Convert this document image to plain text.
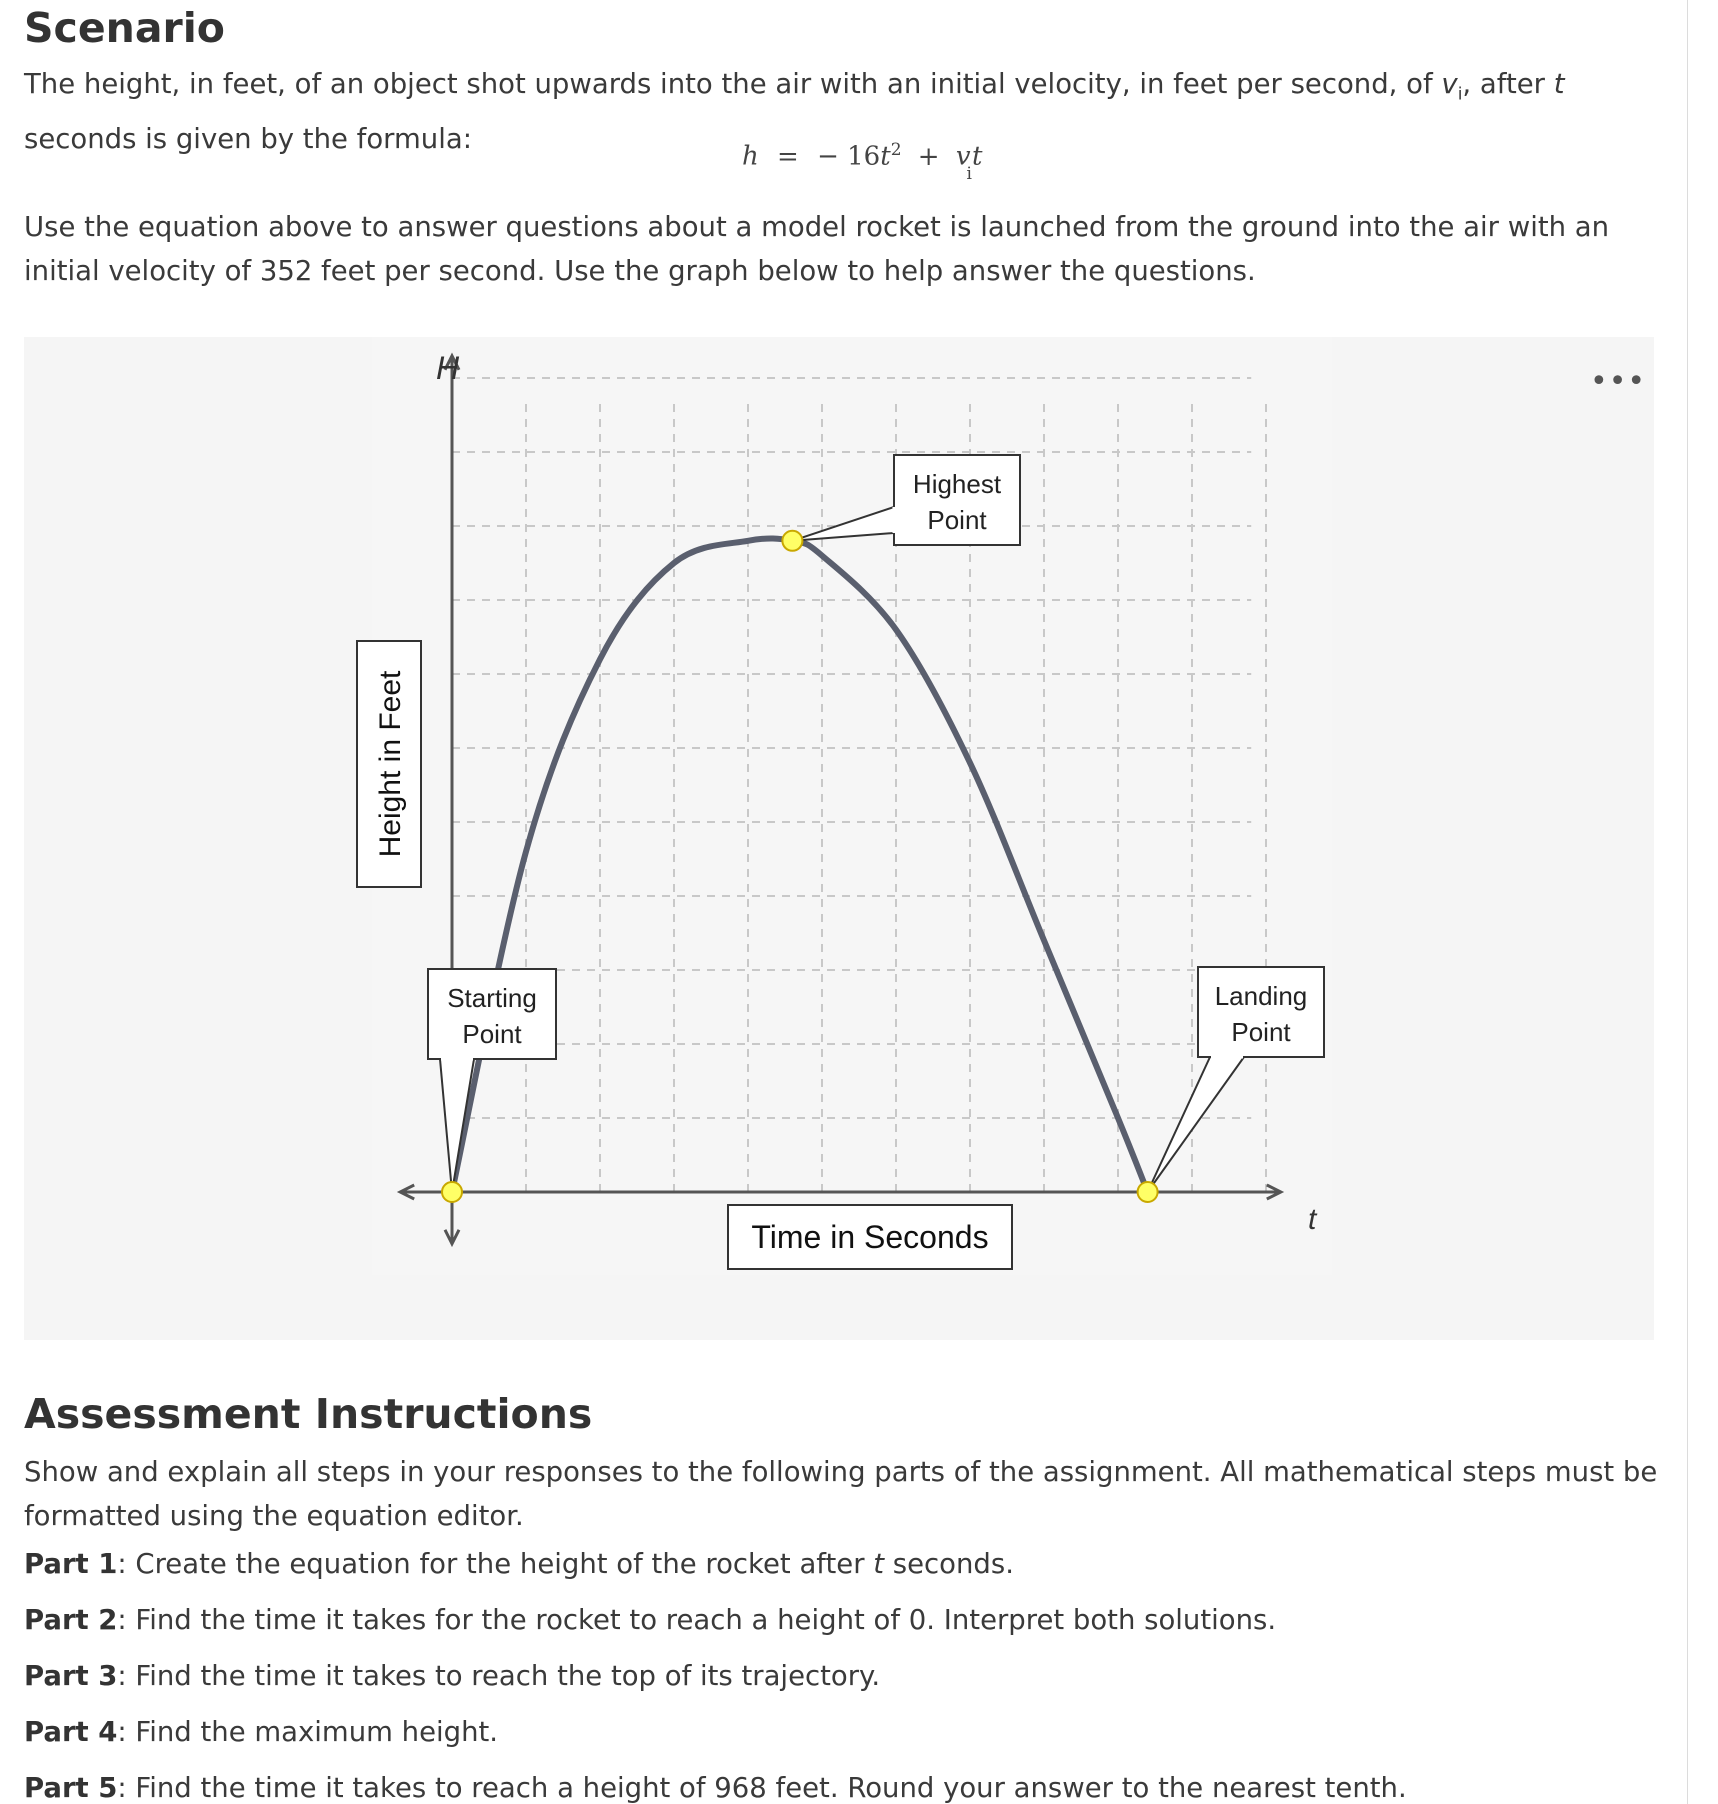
Scenario

The height, in feet, of an object shot upwards into the air with an initial velocity, in feet per second, of $v_i$, after t seconds is given by the formula:

h = − $16t^2 + v_it$

Use the equation above to answer questions about a model rocket is launched from the ground into the air with an initial velocity of 352 feet per second. Use the graph below to help answer the questions.

Starting
Point
Highest
Point
Landing
Point
H
t
Time in Seconds
Height in Feet
•••
Assessment Instructions

Show and explain all steps in your responses to the following parts of the assignment. All mathematical steps must be formatted using the equation editor.

Part 1: Create the equation for the height of the rocket after t seconds.
Part 2: Find the time it takes for the rocket to reach a height of 0. Interpret both solutions.
Part 3: Find the time it takes to reach the top of its trajectory.
Part 4: Find the maximum height.
Part 5: Find the time it takes to reach a height of 968 feet. Round your answer to the nearest tenth.
